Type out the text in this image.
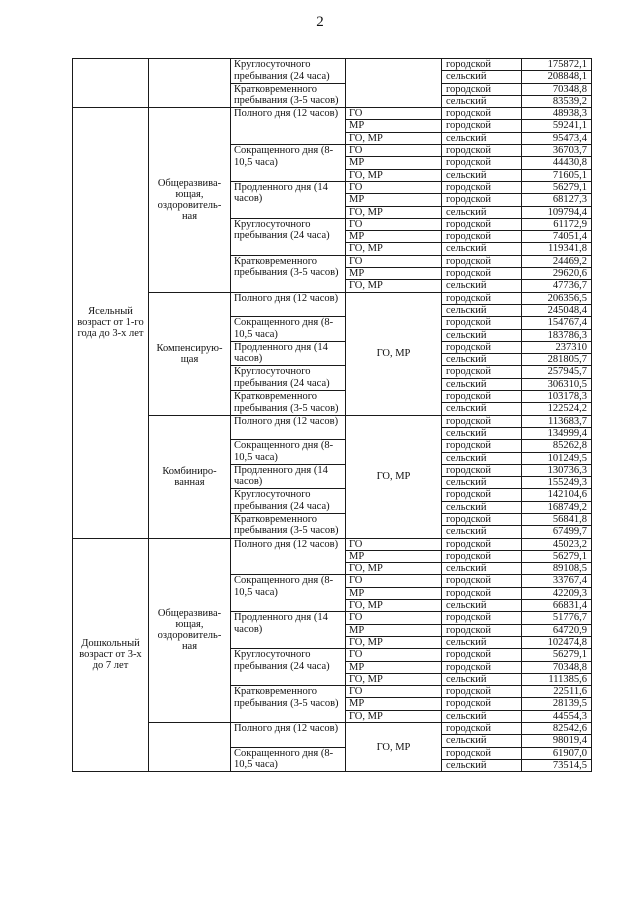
2
		Круглосуточного пребывания (24 часа)		городской	175872,1
				сельский	208848,1
		Кратковременного пребывания (3-5 часов)		городской	70348,8
				сельский	83539,2
Ясельный возраст от 1-го года до 3-х лет	Общеразвива-ющая, оздоровитель-ная	Полного дня (12 часов)	ГО	городской	48938,3
			МР	городской	59241,1
			ГО, МР	сельский	95473,4
		Сокращенного дня (8-10,5 часа)	ГО	городской	36703,7
			МР	городской	44430,8
			ГО, МР	сельский	71605,1
		Продленного дня (14 часов)	ГО	городской	56279,1
			МР	городской	68127,3
			ГО, МР	сельский	109794,4
		Круглосуточного пребывания (24 часа)	ГО	городской	61172,9
			МР	городской	74051,4
			ГО, МР	сельский	119341,8
		Кратковременного пребывания (3-5 часов)	ГО	городской	24469,2
			МР	городской	29620,6
			ГО, МР	сельский	47736,7
	Компенсирую-щая	Полного дня (12 часов)	ГО, МР	городской	206356,5
				сельский	245048,4
		Сокращенного дня (8-10,5 часа)		городской	154767,4
				сельский	183786,3
		Продленного дня (14 часов)		городской	237310
				сельский	281805,7
		Круглосуточного пребывания (24 часа)		городской	257945,7
				сельский	306310,5
		Кратковременного пребывания (3-5 часов)		городской	103178,3
				сельский	122524,2
	Комбиниро-ванная	Полного дня (12 часов)	ГО, МР	городской	113683,7
				сельский	134999,4
		Сокращенного дня (8-10,5 часа)		городской	85262,8
				сельский	101249,5
		Продленного дня (14 часов)		городской	130736,3
				сельский	155249,3
		Круглосуточного пребывания (24 часа)		городской	142104,6
				сельский	168749,2
		Кратковременного пребывания (3-5 часов)		городской	56841,8
				сельский	67499,7
Дошкольный возраст от 3-х до 7 лет	Общеразвива-ющая, оздоровитель-ная	Полного дня (12 часов)	ГО	городской	45023,2
			МР	городской	56279,1
			ГО, МР	сельский	89108,5
		Сокращенного дня (8-10,5 часа)	ГО	городской	33767,4
			МР	городской	42209,3
			ГО, МР	сельский	66831,4
		Продленного дня (14 часов)	ГО	городской	51776,7
			МР	городской	64720,9
			ГО, МР	сельский	102474,8
		Круглосуточного пребывания (24 часа)	ГО	городской	56279,1
			МР	городской	70348,8
			ГО, МР	сельский	111385,6
		Кратковременного пребывания (3-5 часов)	ГО	городской	22511,6
			МР	городской	28139,5
			ГО, МР	сельский	44554,3
		Полного дня (12 часов)	ГО, МР	городской	82542,6
				сельский	98019,4
		Сокращенного дня (8-10,5 часа)		городской	61907,0
				сельский	73514,5
